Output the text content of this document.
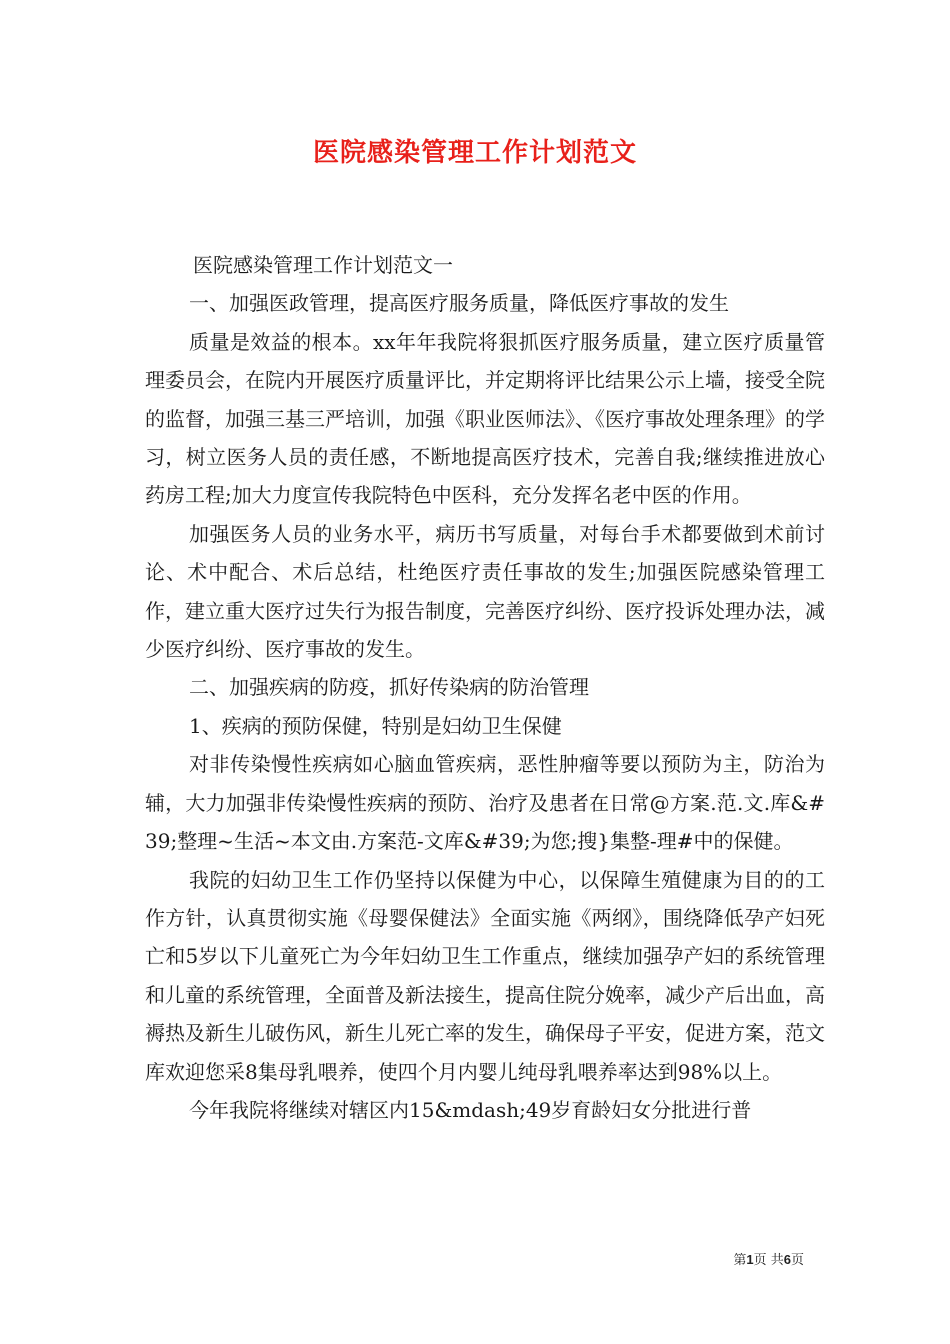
医院感染管理工作计划范文

医院感染管理工作计划范文一

一、加强医政管理，提高医疗服务质量，降低医疗事故的发生

质量是效益的根本。xx年年我院将狠抓医疗服务质量，建立医疗质量管理委员会，在院内开展医疗质量评比，并定期将评比结果公示上墙，接受全院的监督，加强三基三严培训，加强《职业医师法》、《医疗事故处理条理》的学习，树立医务人员的责任感，不断地提高医疗技术，完善自我;继续推进放心药房工程;加大力度宣传我院特色中医科，充分发挥名老中医的作用。

加强医务人员的业务水平，病历书写质量，对每台手术都要做到术前讨论、术中配合、术后总结，杜绝医疗责任事故的发生;加强医院感染管理工作，建立重大医疗过失行为报告制度，完善医疗纠纷、医疗投诉处理办法，减少医疗纠纷、医疗事故的发生。

二、加强疾病的防疫，抓好传染病的防治管理

1、疾病的预防保健，特别是妇幼卫生保健

对非传染慢性疾病如心脑血管疾病，恶性肿瘤等要以预防为主，防治为辅，大力加强非传染慢性疾病的预防、治疗及患者在日常@方案.范.文.库&#39;整理~生活~本文由.方案范-文库&#39;为您;搜}集整-理#中的保健。

我院的妇幼卫生工作仍坚持以保健为中心，以保障生殖健康为目的的工作方针，认真贯彻实施《母婴保健法》全面实施《两纲》，围绕降低孕产妇死亡和5岁以下儿童死亡为今年妇幼卫生工作重点，继续加强孕产妇的系统管理和儿童的系统管理，全面普及新法接生，提高住院分娩率，减少产后出血，高褥热及新生儿破伤风，新生儿死亡率的发生，确保母子平安，促进方案，范文库欢迎您采8集母乳喂养，使四个月内婴儿纯母乳喂养率达到98%以上。

今年我院将继续对辖区内15&mdash;49岁育龄妇女分批进行普

第1页 共6页
